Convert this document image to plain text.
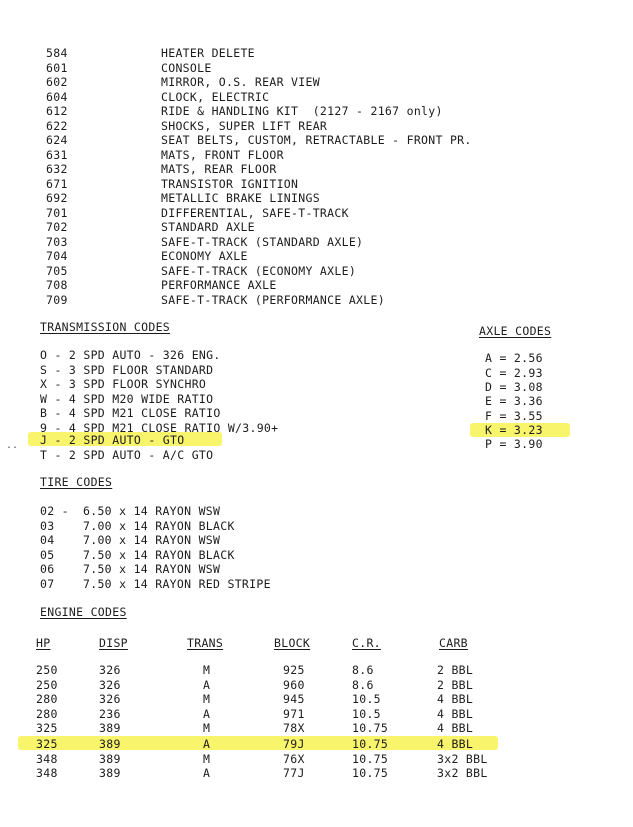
..
584	HEATER DELETE
601	CONSOLE
602	MIRROR, O.S. REAR VIEW
604	CLOCK, ELECTRIC
612	RIDE & HANDLING KIT  (2127 - 2167 only)
622	SHOCKS, SUPER LIFT REAR
624	SEAT BELTS, CUSTOM, RETRACTABLE - FRONT PR.
631	MATS, FRONT FLOOR
632	MATS, REAR FLOOR
671	TRANSISTOR IGNITION
692	METALLIC BRAKE LININGS
701	DIFFERENTIAL, SAFE-T-TRACK
702	STANDARD AXLE
703	SAFE-T-TRACK (STANDARD AXLE)
704	ECONOMY AXLE
705	SAFE-T-TRACK (ECONOMY AXLE)
708	PERFORMANCE AXLE
709	SAFE-T-TRACK (PERFORMANCE AXLE)
TRANSMISSION CODES
O - 2 SPD AUTO - 326 ENG.
S - 3 SPD FLOOR STANDARD
X - 3 SPD FLOOR SYNCHRO
W - 4 SPD M20 WIDE RATIO
B - 4 SPD M21 CLOSE RATIO
9 - 4 SPD M21 CLOSE RATIO W/3.90+
J - 2 SPD AUTO - GTO
T - 2 SPD AUTO - A/C GTO
AXLE CODES
A = 2.56
C = 2.93
D = 3.08
E = 3.36
F = 3.55
K = 3.23
P = 3.90
TIRE CODES
02 - 6.50 x 14 RAYON WSW
03 7.00 x 14 RAYON BLACK
04 7.00 x 14 RAYON WSW
05 7.50 x 14 RAYON BLACK
06 7.50 x 14 RAYON WSW
07 7.50 x 14 RAYON RED STRIPE
ENGINE CODES
HP	DISP	TRANS	BLOCK	C.R.	CARB
250	326	M	925	8.6	2 BBL
250	326	A	960	8.6	2 BBL
280	326	M	945	10.5	4 BBL
280	236	A	971	10.5	4 BBL
325	389	M	78X	10.75	4 BBL
325	389	A	79J	10.75	4 BBL
348	389	M	76X	10.75	3x2 BBL
348	389	A	77J	10.75	3x2 BBL
